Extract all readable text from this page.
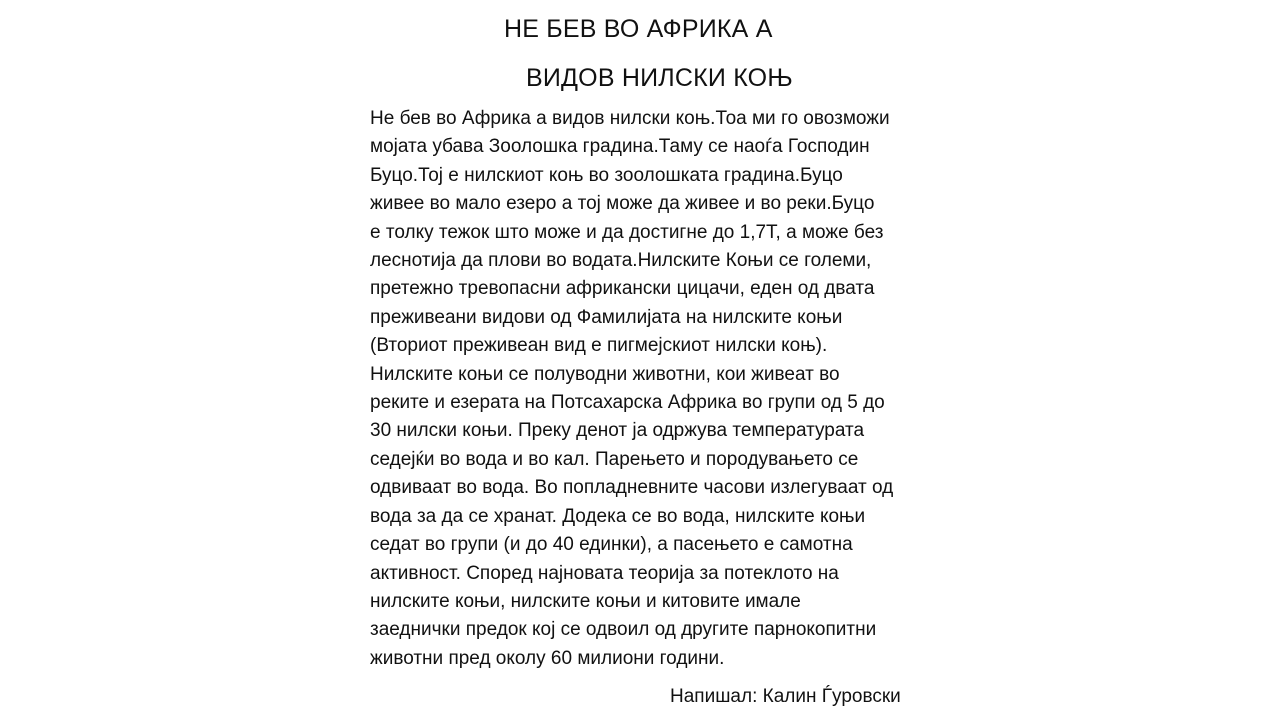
НЕ БЕВ ВО АФРИКА А
ВИДОВ НИЛСКИ КОЊ

Не бев во Африка а видов нилски коњ.Тоа ми го овозможи
мојата убава Зоолошка градина.Таму се наоѓа Господин
Буцо.Тој е нилскиот коњ во зоолошката градина.Буцо
живее во мало езеро а тој може да живее и во реки.Буцо
е толку тежок што може и да достигне до 1,7Т, а може без
леснотија да плови во водата.Нилските Коњи се големи,
претежно тревопасни африкански цицачи, еден од двата
преживеани видови од Фамилијата на нилските коњи
(Вториот преживеан вид е пигмејскиот нилски коњ).
Нилските коњи се полуводни животни, кои живеат во
реките и езерата на Потсахарска Африка во групи од 5 до
30 нилски коњи. Преку денот ја одржува температурата
седејќи во вода и во кал. Парењето и породувањето се
одвиваат во вода. Во попладневните часови излегуваат од
вода за да се хранат. Додека се во вода, нилските коњи
седат во групи (и до 40 единки), а пасењето е самотна
активност. Според најновата теорија за потеклото на
нилските коњи, нилските коњи и китовите имале
заеднички предок кој се одвоил од другите парнокопитни
животни пред околу 60 милиони години.

Напишал: Калин Ѓуровски
